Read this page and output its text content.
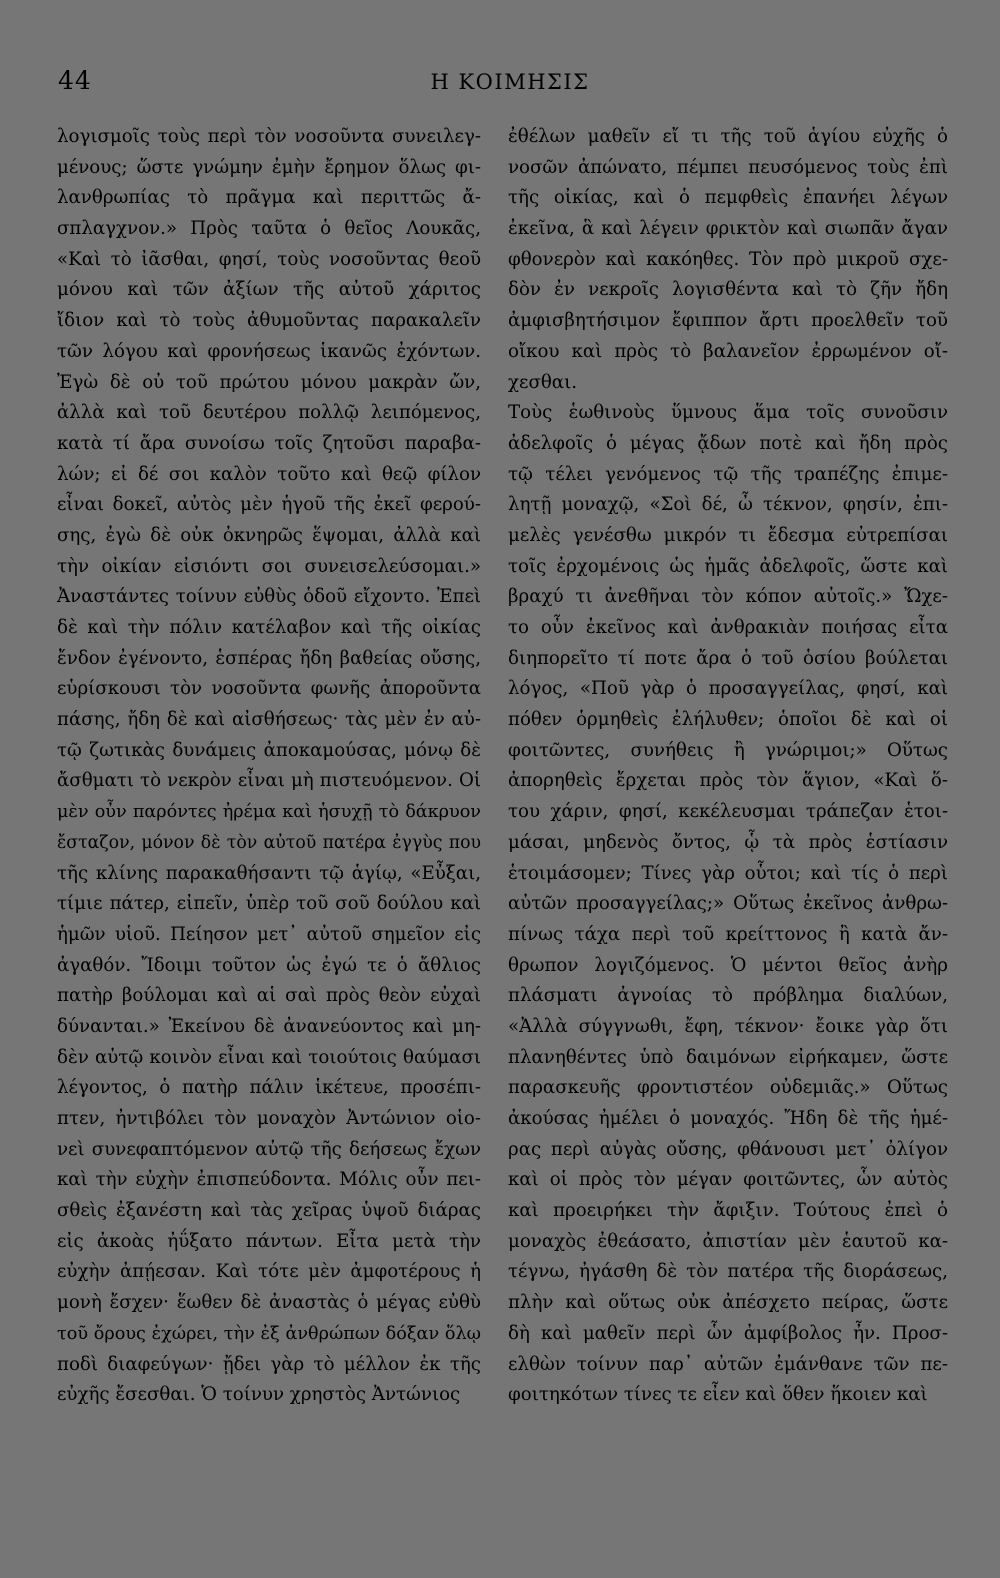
44	Η ΚΟΙΜΗΣΙΣ
λογισμοῖς τοὺς περὶ τὸν νοσοῦντα συνειλεγ-
μένους; ὥστε γνώμην ἐμὴν ἔρημον ὅλως φι-
λανθρωπίας τὸ πρᾶγμα καὶ περιττῶς ἄ-
σπλαγχνον.» Πρὸς ταῦτα ὁ θεῖος Λουκᾶς,
«Καὶ τὸ ἰᾶσθαι, φησί, τοὺς νοσοῦντας θεοῦ
μόνου καὶ τῶν ἀξίων τῆς αὐτοῦ χάριτος
ἴδιον καὶ τὸ τοὺς ἀθυμοῦντας παρακαλεῖν
τῶν λόγου καὶ φρονήσεως ἱκανῶς ἐχόντων.
Ἐγὼ δὲ οὐ τοῦ πρώτου μόνου μακρὰν ὤν,
ἀλλὰ καὶ τοῦ δευτέρου πολλῷ λειπόμενος,
κατὰ τί ἄρα συνοίσω τοῖς ζητοῦσι παραβα-
λών; εἰ δέ σοι καλὸν τοῦτο καὶ θεῷ φίλον
εἶναι δοκεῖ, αὐτὸς μὲν ἡγοῦ τῆς ἐκεῖ φερού-
σης, ἐγὼ δὲ οὐκ ὀκνηρῶς ἕψομαι, ἀλλὰ καὶ
τὴν οἰκίαν εἰσιόντι σοι συνεισελεύσομαι.»
Ἀναστάντες τοίνυν εὐθὺς ὁδοῦ εἴχοντο. Ἐπεὶ
δὲ καὶ τὴν πόλιν κατέλαβον καὶ τῆς οἰκίας
ἔνδον ἐγένοντο, ἑσπέρας ἤδη βαθείας οὔσης,
εὑρίσκουσι τὸν νοσοῦντα φωνῆς ἀποροῦντα
πάσης, ἤδη δὲ καὶ αἰσθήσεως· τὰς μὲν ἐν αὐ-
τῷ ζωτικὰς δυνάμεις ἀποκαμούσας, μόνῳ δὲ
ἄσθματι τὸ νεκρὸν εἶναι μὴ πιστευόμενον. Οἱ
μὲν οὖν παρόντες ἠρέμα καὶ ἡσυχῇ τὸ δάκρυον
ἔσταζον, μόνον δὲ τὸν αὐτοῦ πατέρα ἐγγὺς που
τῆς κλίνης παρακαθήσαντι τῷ ἁγίῳ, «Εὖξαι,
τίμιε πάτερ, εἰπεῖν, ὑπὲρ τοῦ σοῦ δούλου καὶ
ἡμῶν υἱοῦ. Πείησον μετ᾽ αὐτοῦ σημεῖον εἰς
ἀγαθόν. Ἴδοιμι τοῦτον ὡς ἐγώ τε ὁ ἄθλιος
πατὴρ βούλομαι καὶ αἱ σαὶ πρὸς θεὸν εὐχαὶ
δύνανται.» Ἐκείνου δὲ ἀνανεύοντος καὶ μη-
δὲν αὐτῷ κοινὸν εἶναι καὶ τοιούτοις θαύμασι
λέγοντος, ὁ πατὴρ πάλιν ἱκέτευε, προσέπι-
πτεν, ἠντιβόλει τὸν μοναχὸν Ἀντώνιον οἱο-
νεὶ συνεφαπτόμενον αὐτῷ τῆς δεήσεως ἔχων
καὶ τὴν εὐχὴν ἐπισπεύδοντα. Μόλις οὖν πει-
σθεὶς ἐξανέστη καὶ τὰς χεῖρας ὑψοῦ διάρας
εἰς ἀκοὰς ἠΰξατο πάντων. Εἶτα μετὰ τὴν
εὐχὴν ἀπῄεσαν. Καὶ τότε μὲν ἀμφοτέρους ἡ
μονὴ ἔσχεν· ἕωθεν δὲ ἀναστὰς ὁ μέγας εὐθὺ
τοῦ ὄρους ἐχώρει, τὴν ἐξ ἀνθρώπων δόξαν ὅλῳ
ποδὶ διαφεύγων· ᾔδει γὰρ τὸ μέλλον ἐκ τῆς
εὐχῆς ἔσεσθαι. Ὁ τοίνυν χρηστὸς Ἀντώνιος
ἐθέλων μαθεῖν εἴ τι τῆς τοῦ ἁγίου εὐχῆς ὁ
νοσῶν ἀπώνατο, πέμπει πευσόμενος τοὺς ἐπὶ
τῆς οἰκίας, καὶ ὁ πεμφθεὶς ἐπανήει λέγων
ἐκεῖνα, ἃ καὶ λέγειν φρικτὸν καὶ σιωπᾶν ἄγαν
φθονερὸν καὶ κακόηθες. Τὸν πρὸ μικροῦ σχε-
δὸν ἐν νεκροῖς λογισθέντα καὶ τὸ ζῆν ἤδη
ἀμφισβητήσιμον ἔφιππον ἄρτι προελθεῖν τοῦ
οἴκου καὶ πρὸς τὸ βαλανεῖον ἐρρωμένον οἴ-
χεσθαι.
Τοὺς ἑωθινοὺς ὕμνους ἅμα τοῖς συνοῦσιν
ἀδελφοῖς ὁ μέγας ᾄδων ποτὲ καὶ ἤδη πρὸς
τῷ τέλει γενόμενος τῷ τῆς τραπέζης ἐπιμε-
λητῇ μοναχῷ, «Σοὶ δέ, ὦ τέκνον, φησίν, ἐπι-
μελὲς γενέσθω μικρόν τι ἔδεσμα εὐτρεπίσαι
τοῖς ἐρχομένοις ὡς ἡμᾶς ἀδελφοῖς, ὥστε καὶ
βραχύ τι ἀνεθῆναι τὸν κόπον αὐτοῖς.» Ὤχε-
το οὖν ἐκεῖνος καὶ ἀνθρακιὰν ποιήσας εἶτα
διηπορεῖτο τί ποτε ἄρα ὁ τοῦ ὁσίου βούλεται
λόγος, «Ποῦ γὰρ ὁ προσαγγείλας, φησί, καὶ
πόθεν ὁρμηθεὶς ἐλήλυθεν; ὁποῖοι δὲ καὶ οἱ
φοιτῶντες, συνήθεις ἢ γνώριμοι;» Οὕτως
ἀπορηθεὶς ἔρχεται πρὸς τὸν ἅγιον, «Καὶ ὅ-
του χάριν, φησί, κεκέλευσμαι τράπεζαν ἑτοι-
μάσαι, μηδενὸς ὄντος, ᾧ τὰ πρὸς ἑστίασιν
ἑτοιμάσομεν; Τίνες γὰρ οὗτοι; καὶ τίς ὁ περὶ
αὐτῶν προσαγγείλας;» Οὕτως ἐκεῖνος ἀνθρω-
πίνως τάχα περὶ τοῦ κρείττονος ἢ κατὰ ἄν-
θρωπον λογιζόμενος. Ὁ μέντοι θεῖος ἀνὴρ
πλάσματι ἀγνοίας τὸ πρόβλημα διαλύων,
«Ἀλλὰ σύγγνωθι, ἔφη, τέκνον· ἔοικε γὰρ ὅτι
πλανηθέντες ὑπὸ δαιμόνων εἰρήκαμεν, ὥστε
παρασκευῆς φροντιστέον οὐδεμιᾶς.» Οὕτως
ἀκούσας ἠμέλει ὁ μοναχός. Ἤδη δὲ τῆς ἡμέ-
ρας περὶ αὐγὰς οὔσης, φθάνουσι μετ᾽ ὀλίγον
καὶ οἱ πρὸς τὸν μέγαν φοιτῶντες, ὧν αὐτὸς
καὶ προειρήκει τὴν ἄφιξιν. Τούτους ἐπεὶ ὁ
μοναχὸς ἐθεάσατο, ἀπιστίαν μὲν ἑαυτοῦ κα-
τέγνω, ἠγάσθη δὲ τὸν πατέρα τῆς διοράσεως,
πλὴν καὶ οὕτως οὐκ ἀπέσχετο πείρας, ὥστε
δὴ καὶ μαθεῖν περὶ ὧν ἀμφίβολος ἦν. Προσ-
ελθὼν τοίνυν παρ᾽ αὐτῶν ἐμάνθανε τῶν πε-
φοιτηκότων τίνες τε εἶεν καὶ ὅθεν ἥκοιεν καὶ
